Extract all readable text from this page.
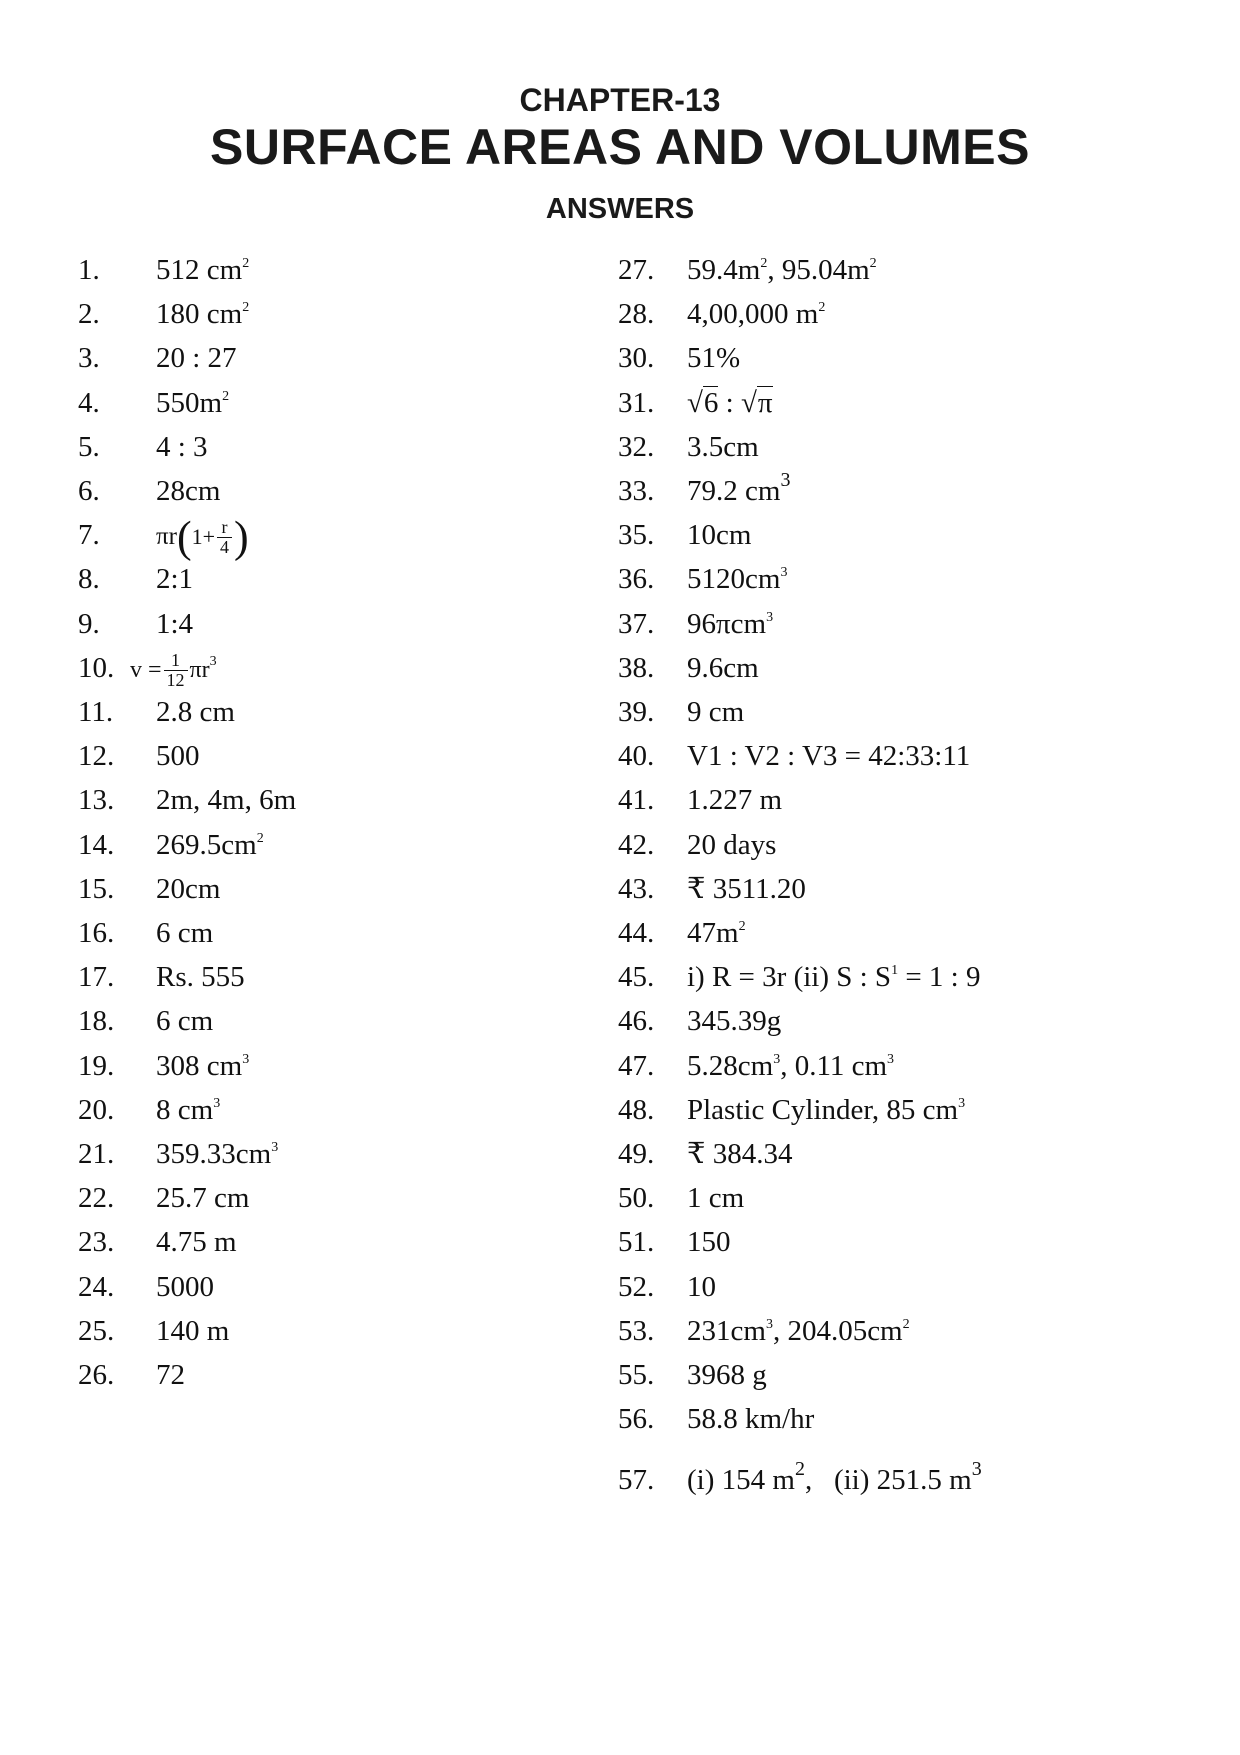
CHAPTER-13
SURFACE AREAS AND VOLUMES
ANSWERS
1. 512 $cm^2$
2. 180 $cm^2$
3. 20 : 27
4. $550m^2$
5. 4 : 3
6. 28cm
7. $\pi r(1+ \frac{r}{4}$ )
8. 2:1
9. 1:4
10. $v = \frac{1}{12} \pi r^3$
11. 2.8 cm
12. 500
13. 2m, 4m, 6m
14. $269.5cm^2$
15. 20cm
16. 6 cm
17. Rs. 555
18. 6 cm
19. 308 $cm^3$
20. 8 $cm^3$
21. $359.33cm^3$
22. 25.7 cm
23. 4.75 m
24. 5000
25. 140 m
26. 72
27. $59.4m^2$, $95.04m^2$
28. 4,00,000 $m^2$
30. 51%
31. √6 : √π
32. 3.5cm
33. 79.2 $cm^3$
35. 10cm
36. $5120cm^3$
37. 96πcm$^3$
38. 9.6cm
39. 9 cm
40. V1 : V2 : V3 = 42:33:11
41. 1.227 m
42. 20 days
43. ₹ 3511.20
44. $47m^2$
45. i) R = 3r (ii) S : $S^1 = 1$ : 9
46. 345.39g
47. $5.28cm^3$, 0.11 $cm^3$
48. Plastic Cylinder, 85 $cm^3$
49. ₹ 384.34
50. 1 cm
51. 150
52. 10
53. $231cm^3$, $204.05cm^2$
55. 3968 g
56. 58.8 km/hr
57. (i) 154 $m^2$,   (ii) 251.5 $m^3$
